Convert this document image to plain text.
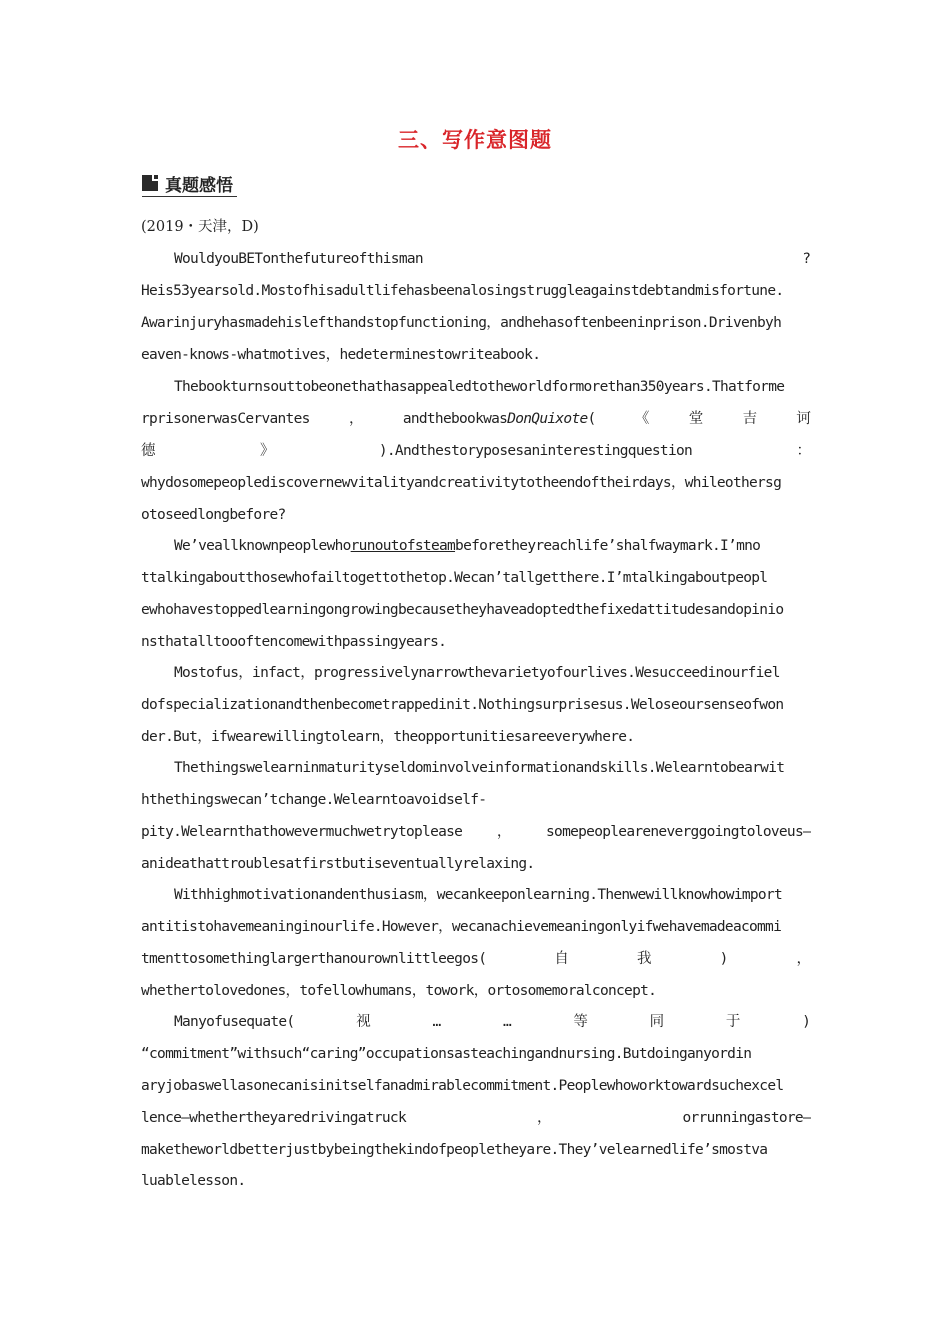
三、写作意图题
真题感悟
(2019・天津，D)
WouldyouBETonthefutureofthisman	?
Heis53yearsold.Mostofhisadultlifehasbeenalosingstruggleagainstdebtandmisfortune.
Awarinjuryhasmadehislefthandstopfunctioning，andhehasoftenbeeninprison.Drivenbyh
eaven-knows-whatmotives，hedeterminestowriteabook.
Thebookturnsouttobeonethathasappealedtotheworldformorethan350years.Thatforme
rprisonerwasCervantes	，	andthebookwasDonQuixote(	《	堂	吉	诃
德	》	).Andthestoryposesaninterestingquestion	：
whydosomepeoplediscovernewvitalityandcreativitytotheendoftheirdays，whileothersg
otoseedlongbefore?
We’veallknownpeoplewhorunoutofsteambeforetheyreachlife’shalfwaymark.I’mno
ttalkingaboutthosewhofailtogettothetop.Wecan’tallgetthere.I’mtalkingaboutpeopl
ewhohavestoppedlearningongrowingbecausetheyhaveadoptedthefixedattitudesandopinio
nsthatalltoooftencomewithpassingyears.
Mostofus，infact，progressivelynarrowthevarietyofourlives.Wesucceedinourfiel
dofspecializationandthenbecometrappedinit.Nothingsurprisesus.Weloseoursenseofwon
der.But，ifwearewillingtolearn，theopportunitiesareeverywhere.
Thethingswelearninmaturityseldominvolveinformationandskills.Welearntobearwit
hthethingswecan’tchange.Welearntoavoidself-
pity.Welearnthathowevermuchwetrytoplease ， somepeopleareneverggoingtoloveus—
anideathattroublesatfirstbutiseventuallyrelaxing.
Withhighmotivationandenthusiasm，wecankeeponlearning.Thenwewillknowhowimport
antitistohavemeaninginourlife.However，wecanachievemeaningonlyifwehavemadeacommi
tmenttosomethinglargerthanourownlittleegos(	自	我	)	，
whethertolovedones，tofellowhumans，towork，ortosomemoralconcept.
Manyofusequate(	视	…	…	等	同	于	)
“commitment”withsuch“caring”occupationsasteachingandnursing.Butdoinganyordin
aryjobaswellasonecanisinitselfanadmirablecommitment.Peoplewhoworktowardsuchexcel
lence—whethertheyaredrivingatruck	，	orrunningastore—
maketheworldbetterjustbybeingthekindofpeopletheyare.They’velearnedlife’smostva
luablelesson.
